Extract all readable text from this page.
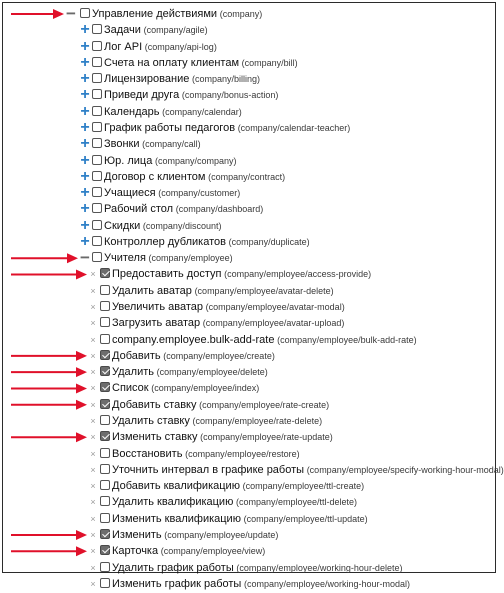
− Управление действиями (company)
+ Задачи (company/agile)
+ Лог API (company/api-log)
+ Счета на оплату клиентам (company/bill)
+ Лицензирование (company/billing)
+ Приведи друга (company/bonus-action)
+ Календарь (company/calendar)
+ График работы педагогов (company/calendar-teacher)
+ Звонки (company/call)
+ Юр. лица (company/company)
+ Договор с клиентом (company/contract)
+ Учащиеся (company/customer)
+ Рабочий стол (company/dashboard)
+ Скидки (company/discount)
+ Контроллер дубликатов (company/duplicate)
− Учителя (company/employee)
× Предоставить доступ (company/employee/access-provide)
× Удалить аватар (company/employee/avatar-delete)
× Увеличить аватар (company/employee/avatar-modal)
× Загрузить аватар (company/employee/avatar-upload)
× company.employee.bulk-add-rate (company/employee/bulk-add-rate)
× Добавить (company/employee/create)
× Удалить (company/employee/delete)
× Список (company/employee/index)
× Добавить ставку (company/employee/rate-create)
× Удалить ставку (company/employee/rate-delete)
× Изменить ставку (company/employee/rate-update)
× Восстановить (company/employee/restore)
× Уточнить интервал в графике работы (company/employee/specify-working-hour-modal)
× Добавить квалификацию (company/employee/ttl-create)
× Удалить квалификацию (company/employee/ttl-delete)
× Изменить квалификацию (company/employee/ttl-update)
× Изменить (company/employee/update)
× Карточка (company/employee/view)
× Удалить график работы (company/employee/working-hour-delete)
× Изменить график работы (company/employee/working-hour-modal)
